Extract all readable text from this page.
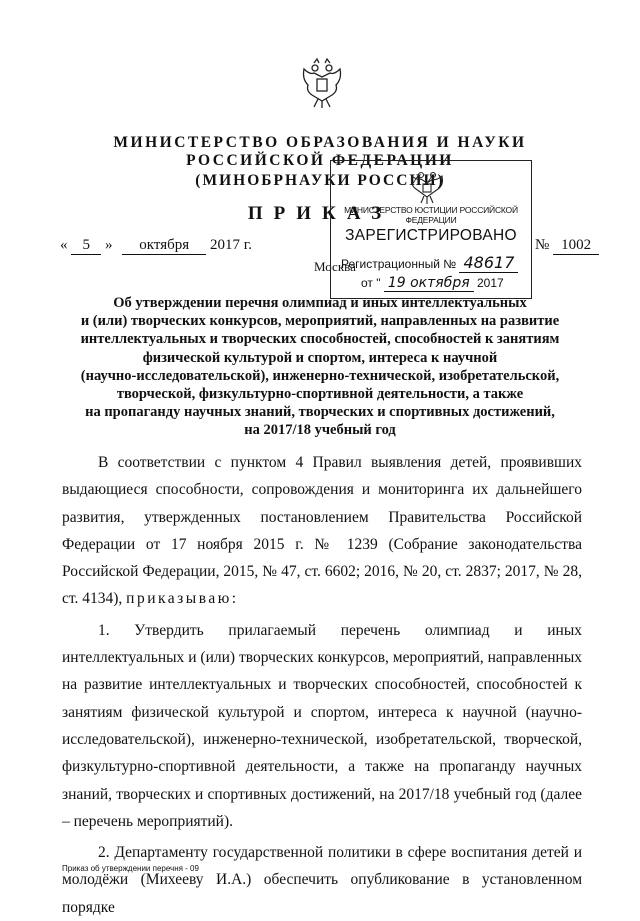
МИНИСТЕРСТВО ОБРАЗОВАНИЯ И НАУКИ
РОССИЙСКОЙ ФЕДЕРАЦИИ
(МИНОБРНАУКИ РОССИИ)
ПРИКАЗ
« 5 » октября 2017 г.	№ 1002
Москва
МИНИСТЕРСТВО ЮСТИЦИИ РОССИЙСКОЙ ФЕДЕРАЦИИ
ЗАРЕГИСТРИРОВАНО
Регистрационный № 48617
от " 19 октября 2017
Об утверждении перечня олимпиад и иных интеллектуальных
и (или) творческих конкурсов, мероприятий, направленных на развитие
интеллектуальных и творческих способностей, способностей к занятиям
физической культурой и спортом, интереса к научной
(научно-исследовательской), инженерно-технической, изобретательской,
творческой, физкультурно-спортивной деятельности, а также
на пропаганду научных знаний, творческих и спортивных достижений,
на 2017/18 учебный год

В соответствии с пунктом 4 Правил выявления детей, проявивших выдающиеся способности, сопровождения и мониторинга их дальнейшего развития, утвержденных постановлением Правительства Российской Федерации от 17 ноября 2015 г. № 1239 (Собрание законодательства Российской Федерации, 2015, № 47, ст. 6602; 2016, № 20, ст. 2837; 2017, № 28, ст. 4134), приказываю:

1. Утвердить прилагаемый перечень олимпиад и иных интеллектуальных и (или) творческих конкурсов, мероприятий, направленных на развитие интеллектуальных и творческих способностей, способностей к занятиям физической культурой и спортом, интереса к научной (научно-исследовательской), инженерно-технической, изобретательской, творческой, физкультурно-спортивной деятельности, а также на пропаганду научных знаний, творческих и спортивных достижений, на 2017/18 учебный год (далее – перечень мероприятий).

2. Департаменту государственной политики в сфере воспитания детей и молодёжи (Михееву И.А.) обеспечить опубликование в установленном порядке

Приказ об утверждении перечня - 09
